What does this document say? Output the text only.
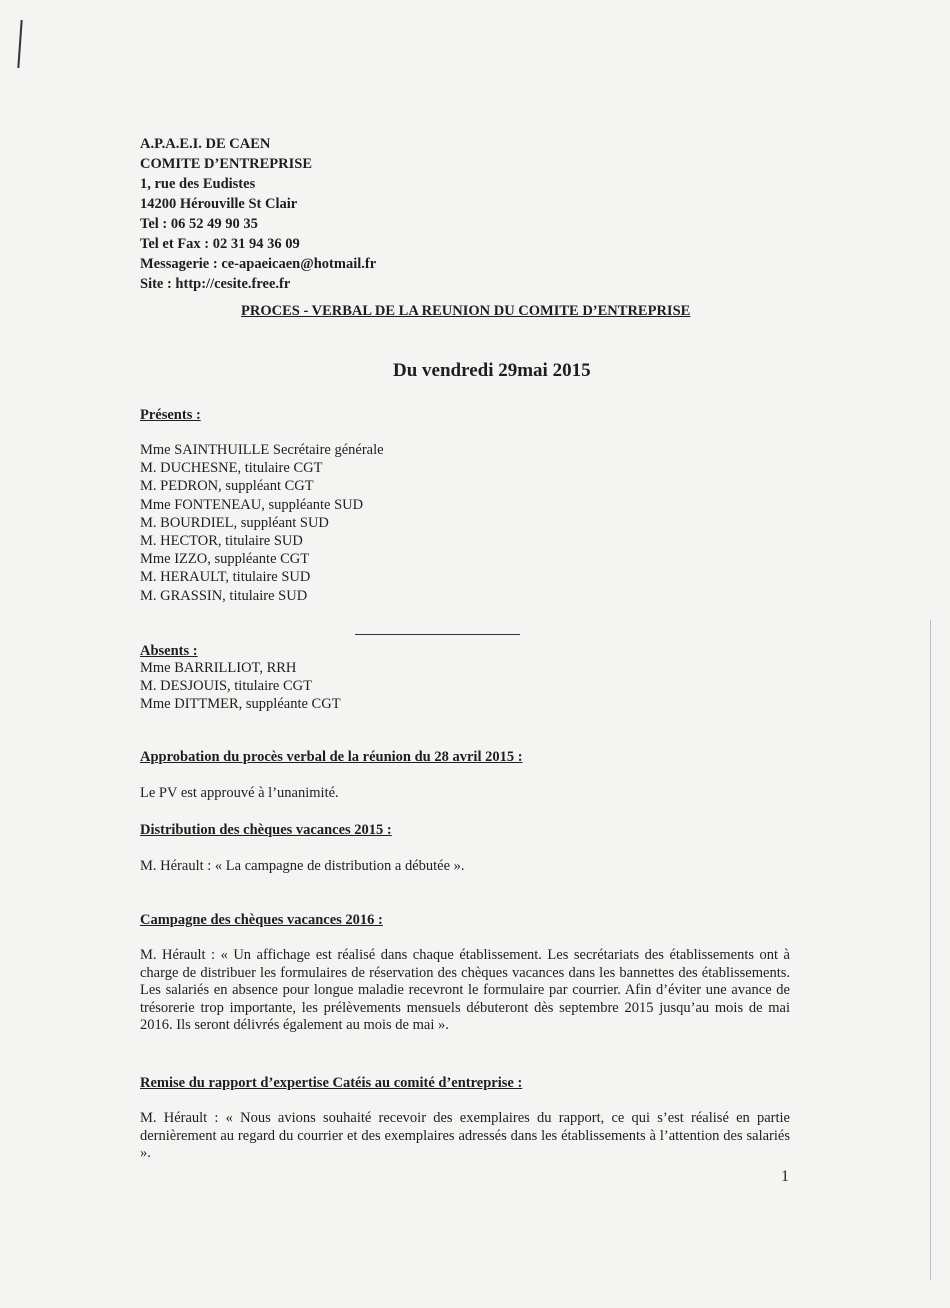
A.P.A.E.I. DE CAEN
COMITE D’ENTREPRISE
1, rue des Eudistes
14200 Hérouville St Clair
Tel : 06 52 49 90 35
Tel et Fax : 02 31 94 36 09
Messagerie : ce-apaeicaen@hotmail.fr
Site : http://cesite.free.fr
PROCES - VERBAL DE LA REUNION DU COMITE D’ENTREPRISE
Du vendredi 29mai 2015
Présents :
Mme SAINTHUILLE Secrétaire générale
M. DUCHESNE, titulaire CGT
M. PEDRON, suppléant CGT
Mme FONTENEAU, suppléante SUD
M. BOURDIEL, suppléant SUD
M. HECTOR, titulaire SUD
Mme IZZO, suppléante CGT
M. HERAULT, titulaire SUD
M. GRASSIN, titulaire SUD
Absents :
Mme BARRILLIOT, RRH
M. DESJOUIS, titulaire CGT
Mme DITTMER, suppléante CGT
Approbation du procès verbal de la réunion du 28 avril 2015 :
Le PV est approuvé à l’unanimité.
Distribution des chèques vacances 2015 :
M. Hérault : « La campagne de distribution a débutée ».
Campagne des chèques vacances 2016 :
M. Hérault : « Un affichage est réalisé dans chaque établissement. Les secrétariats des établissements ont à charge de distribuer les formulaires de réservation des chèques vacances dans les bannettes des établissements. Les salariés en absence pour longue maladie recevront le formulaire par courrier. Afin d’éviter une avance de trésorerie trop importante, les prélèvements mensuels débuteront dès septembre 2015 jusqu’au mois de mai 2016. Ils seront délivrés également au mois de mai ».
Remise du rapport d’expertise Catéis au comité d’entreprise :
M. Hérault : « Nous avions souhaité recevoir des exemplaires du rapport, ce qui s’est réalisé en partie dernièrement au regard du courrier et des exemplaires adressés dans les établissements à l’attention des salariés ».
1
